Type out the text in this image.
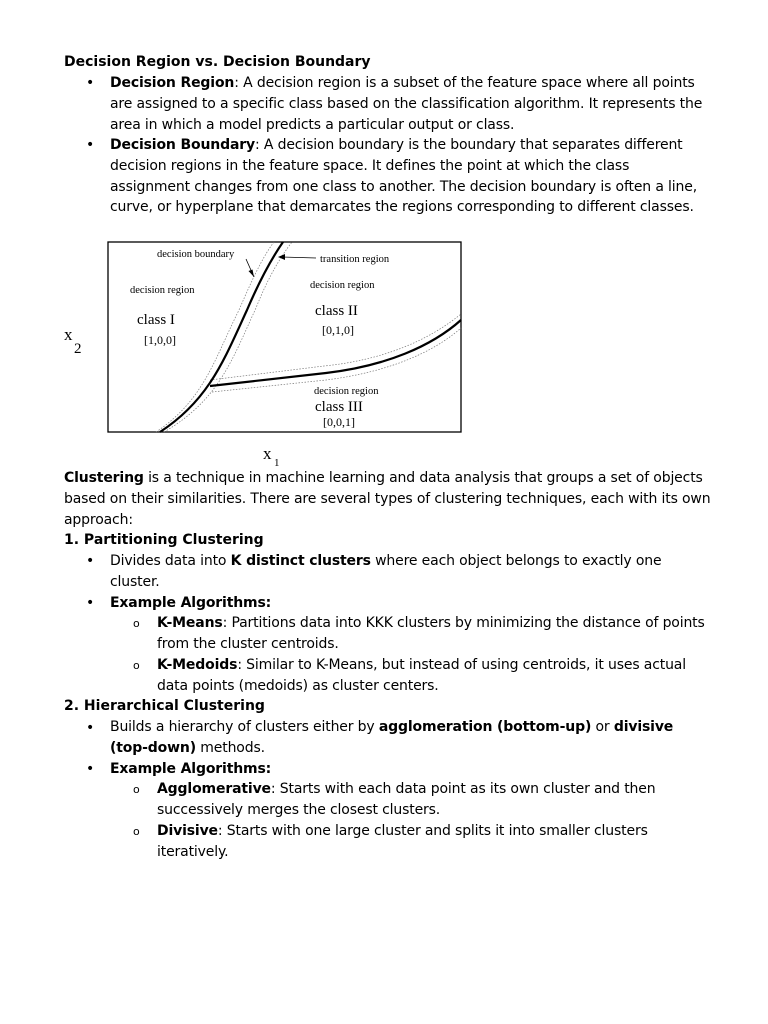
Decision Region vs. Decision Boundary
• Decision Region: A decision region is a subset of the feature space where all points are assigned to a specific class based on the classification algorithm. It represents the area in which a model predicts a particular output or class.
• Decision Boundary: A decision boundary is the boundary that separates different decision regions in the feature space. It defines the point at which the class assignment changes from one class to another. The decision boundary is often a line, curve, or hyperplane that demarcates the regions corresponding to different classes.
decision boundary	transition region
decision region
class I
[1,0,0]
decision region
class II
[0,1,0]
decision region
class III
[0,0,1]
x
2
x 1
Clustering is a technique in machine learning and data analysis that groups a set of objects based on their similarities. There are several types of clustering techniques, each with its own approach:
1. Partitioning Clustering
• Divides data into K distinct clusters where each object belongs to exactly one cluster.
• Example Algorithms:
o K-Means: Partitions data into KKK clusters by minimizing the distance of points from the cluster centroids.
o K-Medoids: Similar to K-Means, but instead of using centroids, it uses actual data points (medoids) as cluster centers.
2. Hierarchical Clustering
• Builds a hierarchy of clusters either by agglomeration (bottom-up) or divisive (top-down) methods.
• Example Algorithms:
o Agglomerative: Starts with each data point as its own cluster and then successively merges the closest clusters.
o Divisive: Starts with one large cluster and splits it into smaller clusters iteratively.
